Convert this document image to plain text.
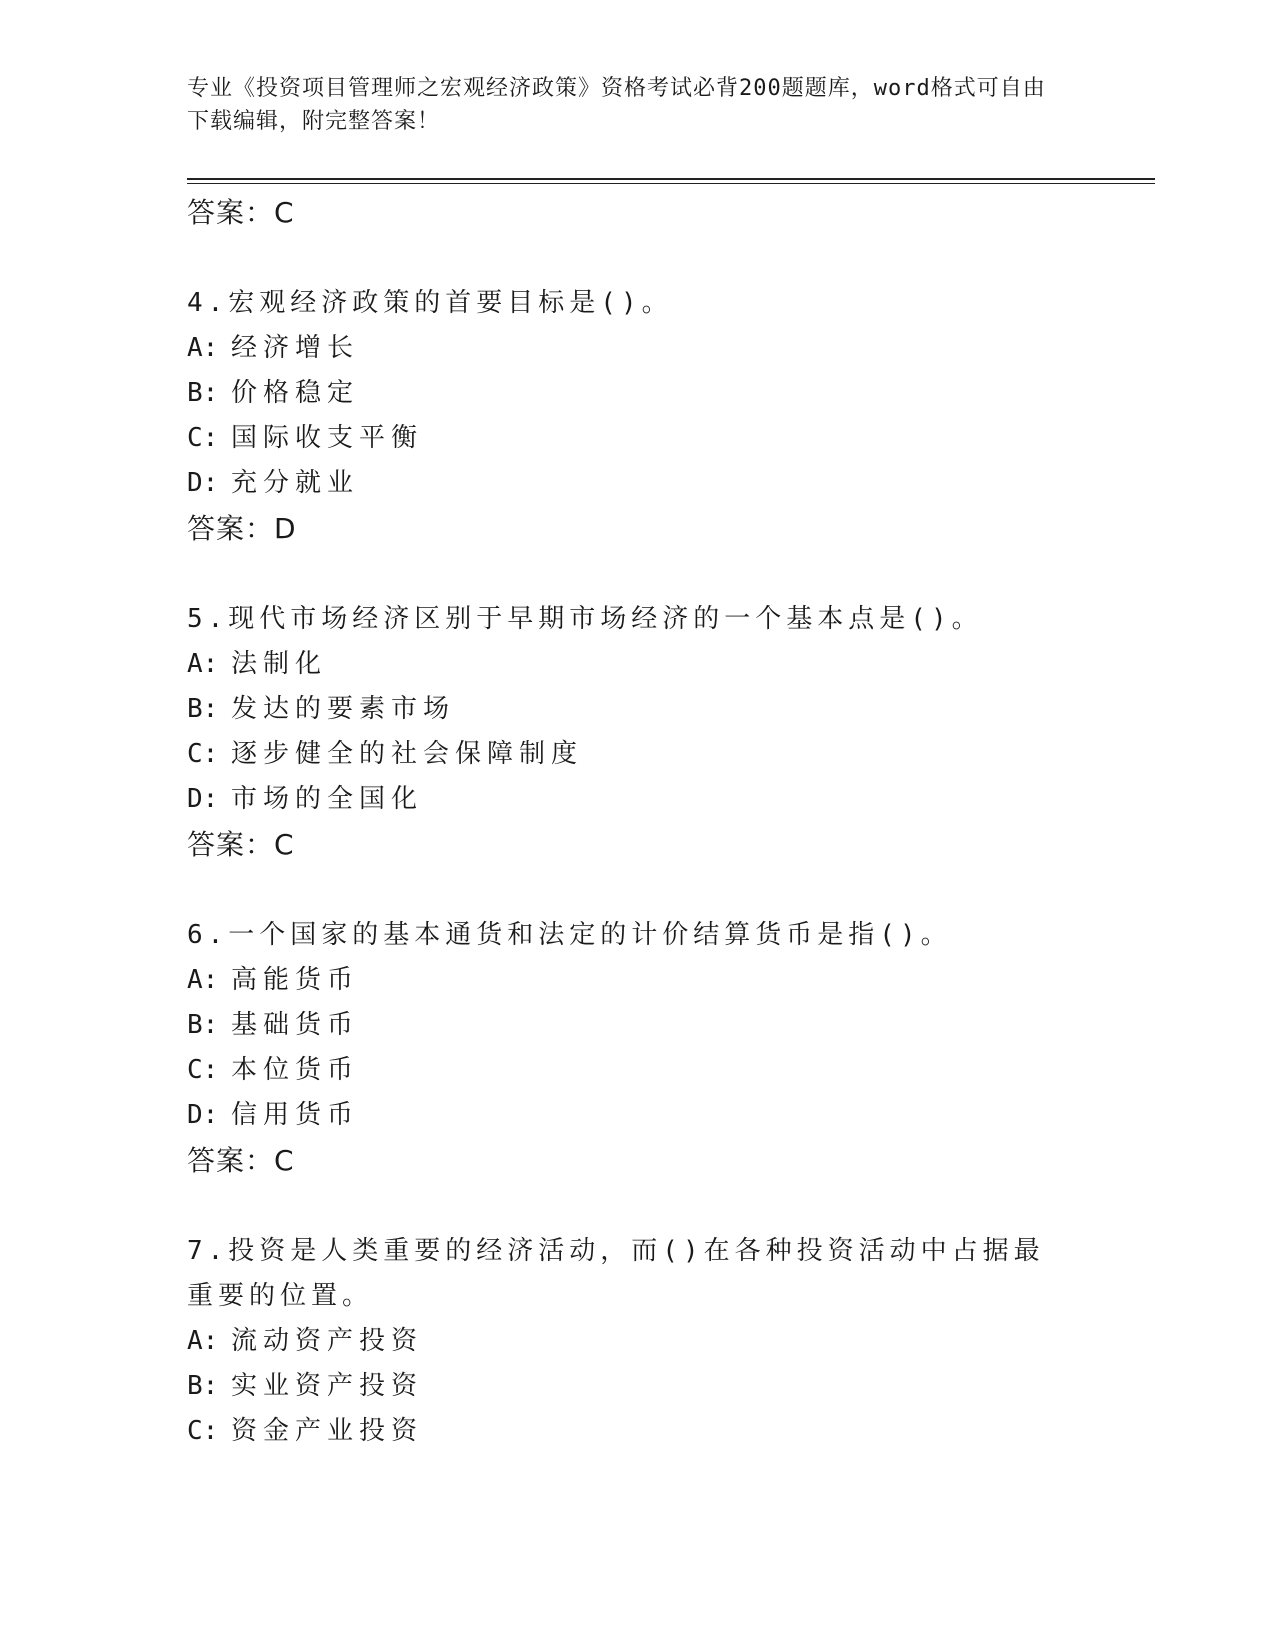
专业《投资项目管理师之宏观经济政策》资格考试必背200题题库，word格式可自由下载编辑，附完整答案！
答案：C
4.宏观经济政策的首要目标是()。
A: 经济增长
B: 价格稳定
C: 国际收支平衡
D: 充分就业
答案：D
5.现代市场经济区别于早期市场经济的一个基本点是()。
A: 法制化
B: 发达的要素市场
C: 逐步健全的社会保障制度
D: 市场的全国化
答案：C
6.一个国家的基本通货和法定的计价结算货币是指()。
A: 高能货币
B: 基础货币
C: 本位货币
D: 信用货币
答案：C
7.投资是人类重要的经济活动，而()在各种投资活动中占据最重要的位置。
A: 流动资产投资
B: 实业资产投资
C: 资金产业投资
